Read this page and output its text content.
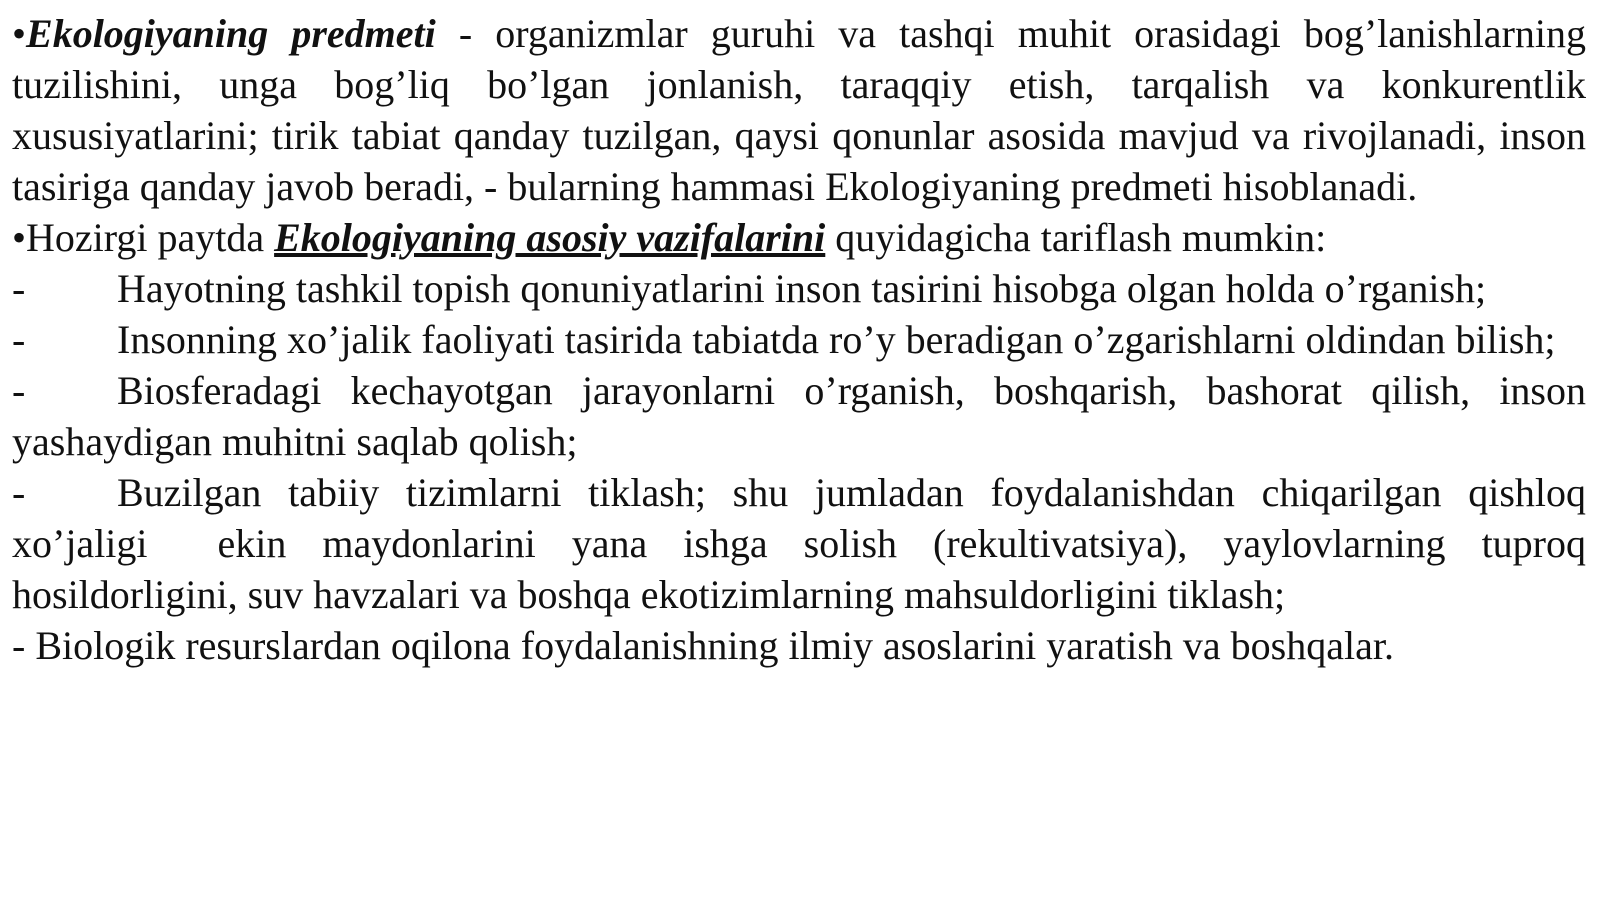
•Ekologiyaning predmeti - organizmlar guruhi va tashqi muhit orasidagi bog’lanishlarning tuzilishini, unga bog’liq bo’lgan jonlanish, taraqqiy etish, tarqalish va konkurentlik xususiyatlarini; tirik tabiat qanday tuzilgan, qaysi qonunlar asosida mavjud va rivojlanadi, inson tasiriga qanday javob beradi, - bularning hammasi Ekologiyaning predmeti hisoblanadi.

•Hozirgi paytda Ekologiyaning asosiy vazifalarini quyidagicha tariflash mumkin:

- Hayotning tashkil topish qonuniyatlarini inson tasirini hisobga olgan holda o’rganish;

- Insonning xo’jalik faoliyati tasirida tabiatda ro’y beradigan o’zgarishlarni oldindan bilish;

- Biosferadagi kechayotgan jarayonlarni o’rganish, boshqarish, bashorat qilish, inson yashaydigan muhitni saqlab qolish;

- Buzilgan tabiiy tizimlarni tiklash; shu jumladan foydalanishdan chiqarilgan qishloq xo’jaligi ekin maydonlarini yana ishga solish (rekultivatsiya), yaylovlarning tuproq hosildorligini, suv havzalari va boshqa ekotizimlarning mahsuldorligini tiklash;

- Biologik resurslardan oqilona foydalanishning ilmiy asoslarini yaratish va boshqalar.
